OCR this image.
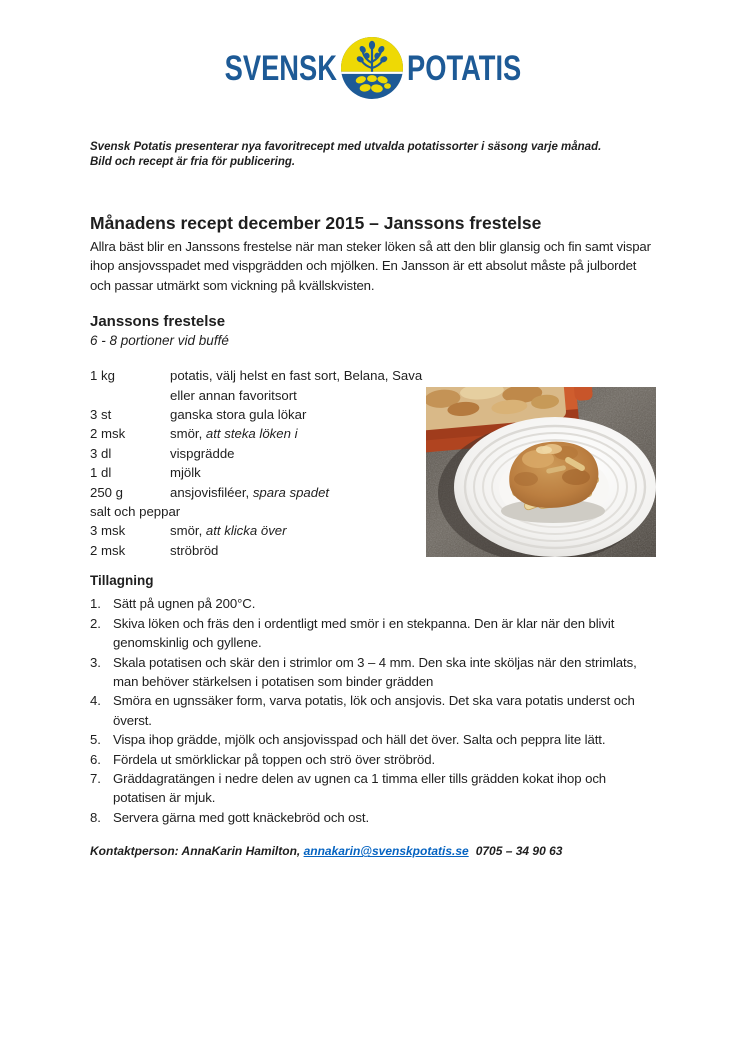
SVENSK POTATIS

Svensk Potatis presenterar nya favoritrecept med utvalda potatissorter i säsong varje månad.
Bild och recept är fria för publicering.

Månadens recept december 2015 – Janssons frestelse

Allra bäst blir en Janssons frestelse när man steker löken så att den blir glansig och fin samt vispar ihop ansjovsspadet med vispgrädden och mjölken. En Jansson är ett absolut måste på julbordet och passar utmärkt som vickning på kvällskvisten.

Janssons frestelse

6 - 8 portioner vid buffé

1 kg	potatis, välj helst en fast sort, Belana, Sava
eller annan favoritsort
3 st	ganska stora gula lökar
2 msk	smör, att steka löken i
3 dl	vispgrädde
1 dl	mjölk
250 g	ansjovisfiléer, spara spadet
salt och peppar
3 msk	smör, att klicka över
2 msk	ströbröd
Tillagning
1. Sätt på ugnen på 200°C.
2. Skiva löken och fräs den i ordentligt med smör i en stekpanna. Den är klar när den blivit genomskinlig och gyllene.
3. Skala potatisen och skär den i strimlor om 3 – 4 mm. Den ska inte sköljas när den strimlats, man behöver stärkelsen i potatisen som binder grädden
4. Smöra en ugnssäker form, varva potatis, lök och ansjovis. Det ska vara potatis underst och överst.
5. Vispa ihop grädde, mjölk och ansjovisspad och häll det över. Salta och peppra lite lätt.
6. Fördela ut smörklickar på toppen och strö över ströbröd.
7. Gräddagratängen i nedre delen av ugnen ca 1 timma eller tills grädden kokat ihop och potatisen är mjuk.
8. Servera gärna med gott knäckebröd och ost.

Kontaktperson: AnnaKarin Hamilton, annakarin@svenskpotatis.se 0705 – 34 90 63
